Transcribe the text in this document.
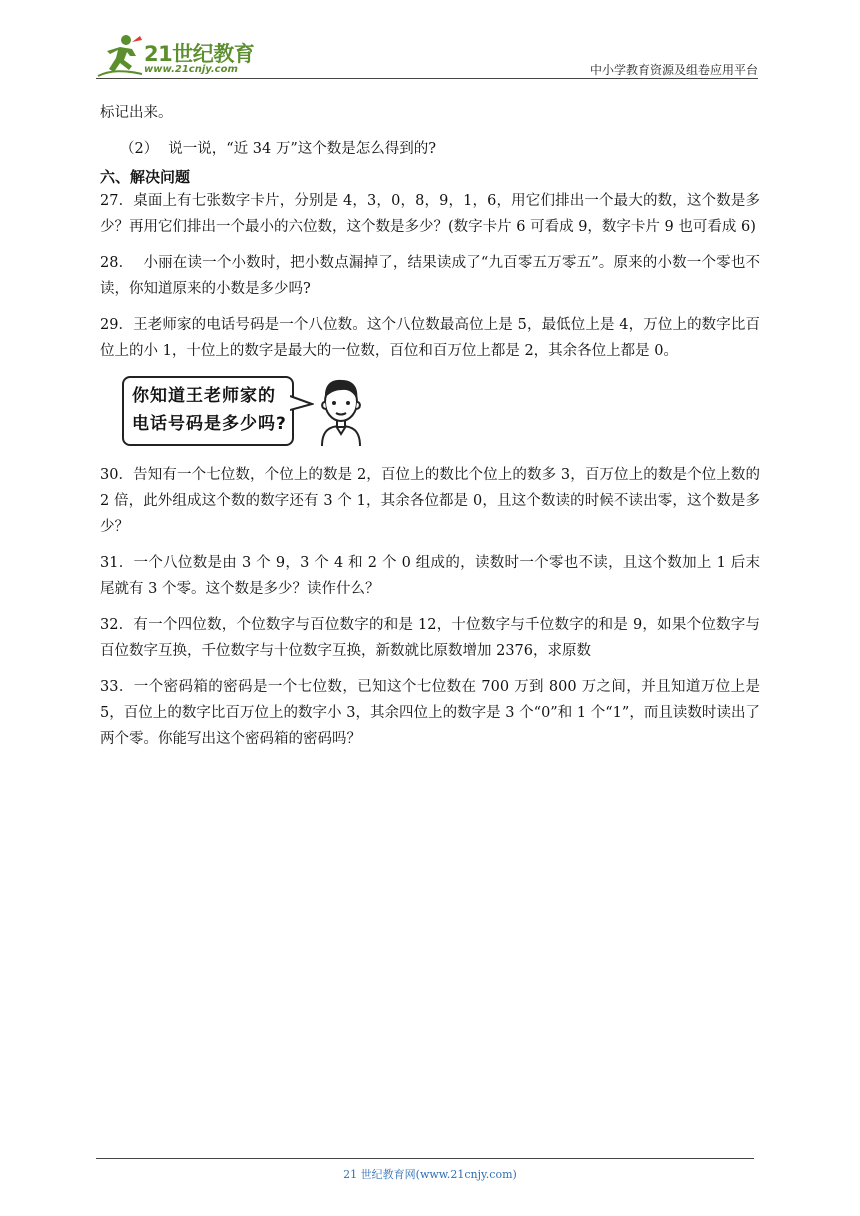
21世纪教育
www.21cnjy.com	中小学教育资源及组卷应用平台

标记出来。

（2） 说一说，“近 34 万”这个数是怎么得到的?

六、解决问题

27．桌面上有七张数字卡片，分别是 4，3，0，8，9，1，6，用它们排出一个最大的数，这个数是多少？再用它们排出一个最小的六位数，这个数是多少？(数字卡片 6 可看成 9，数字卡片 9 也可看成 6)

28． 小丽在读一个小数时，把小数点漏掉了，结果读成了“九百零五万零五”。原来的小数一个零也不读，你知道原来的小数是多少吗?

29．王老师家的电话号码是一个八位数。这个八位数最高位上是 5，最低位上是 4，万位上的数字比百位上的小 1，十位上的数字是最大的一位数，百位和百万位上都是 2，其余各位上都是 0。

你知道王老师家的
电话号码是多少吗?

30．告知有一个七位数，个位上的数是 2，百位上的数比个位上的数多 3，百万位上的数是个位上数的 2 倍，此外组成这个数的数字还有 3 个 1，其余各位都是 0，且这个数读的时候不读出零，这个数是多少？

31．一个八位数是由 3 个 9，3 个 4 和 2 个 0 组成的，读数时一个零也不读，且这个数加上 1 后末尾就有 3 个零。这个数是多少？读作什么？

32．有一个四位数，个位数字与百位数字的和是 12，十位数字与千位数字的和是 9，如果个位数字与百位数字互换，千位数字与十位数字互换，新数就比原数增加 2376，求原数

33．一个密码箱的密码是一个七位数，已知这个七位数在 700 万到 800 万之间，并且知道万位上是 5，百位上的数字比百万位上的数字小 3，其余四位上的数字是 3 个“0”和 1 个“1”，而且读数时读出了两个零。你能写出这个密码箱的密码吗？

21 世纪教育网(www.21cnjy.com)
